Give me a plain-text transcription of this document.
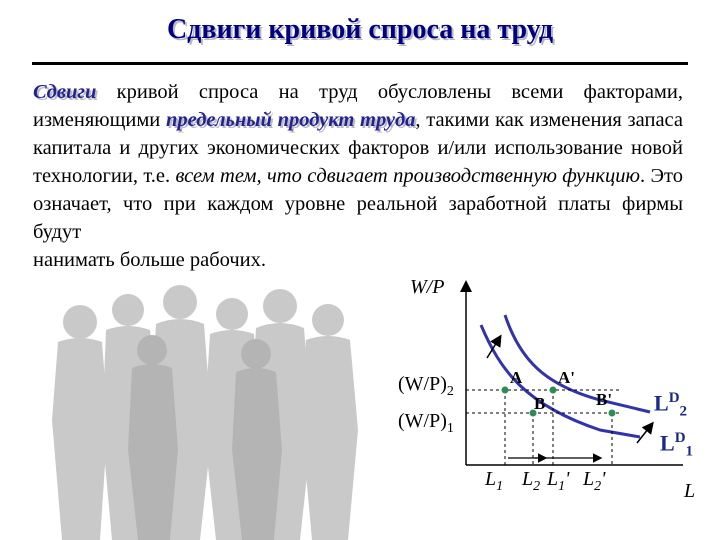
Сдвиги кривой спроса на труд
Сдвиги кривой спроса на труд обусловлены всеми факторами, изменяющими предельный продукт труда, такими как изменения запаса капитала и других экономических факторов и/или использование новой технологии, т.е. всем тем, что сдвигает производственную функцию. Это означает, что при каждом уровне реальной заработной платы фирмы будут
нанимать больше рабочих.
W/P
L
$(W/P)_2$
$(W/P)_1$
$L_1$ $L_2$ $L_1'$ $L_2'$
A A'
B	B' $L^D_2$
$L^D_1$
